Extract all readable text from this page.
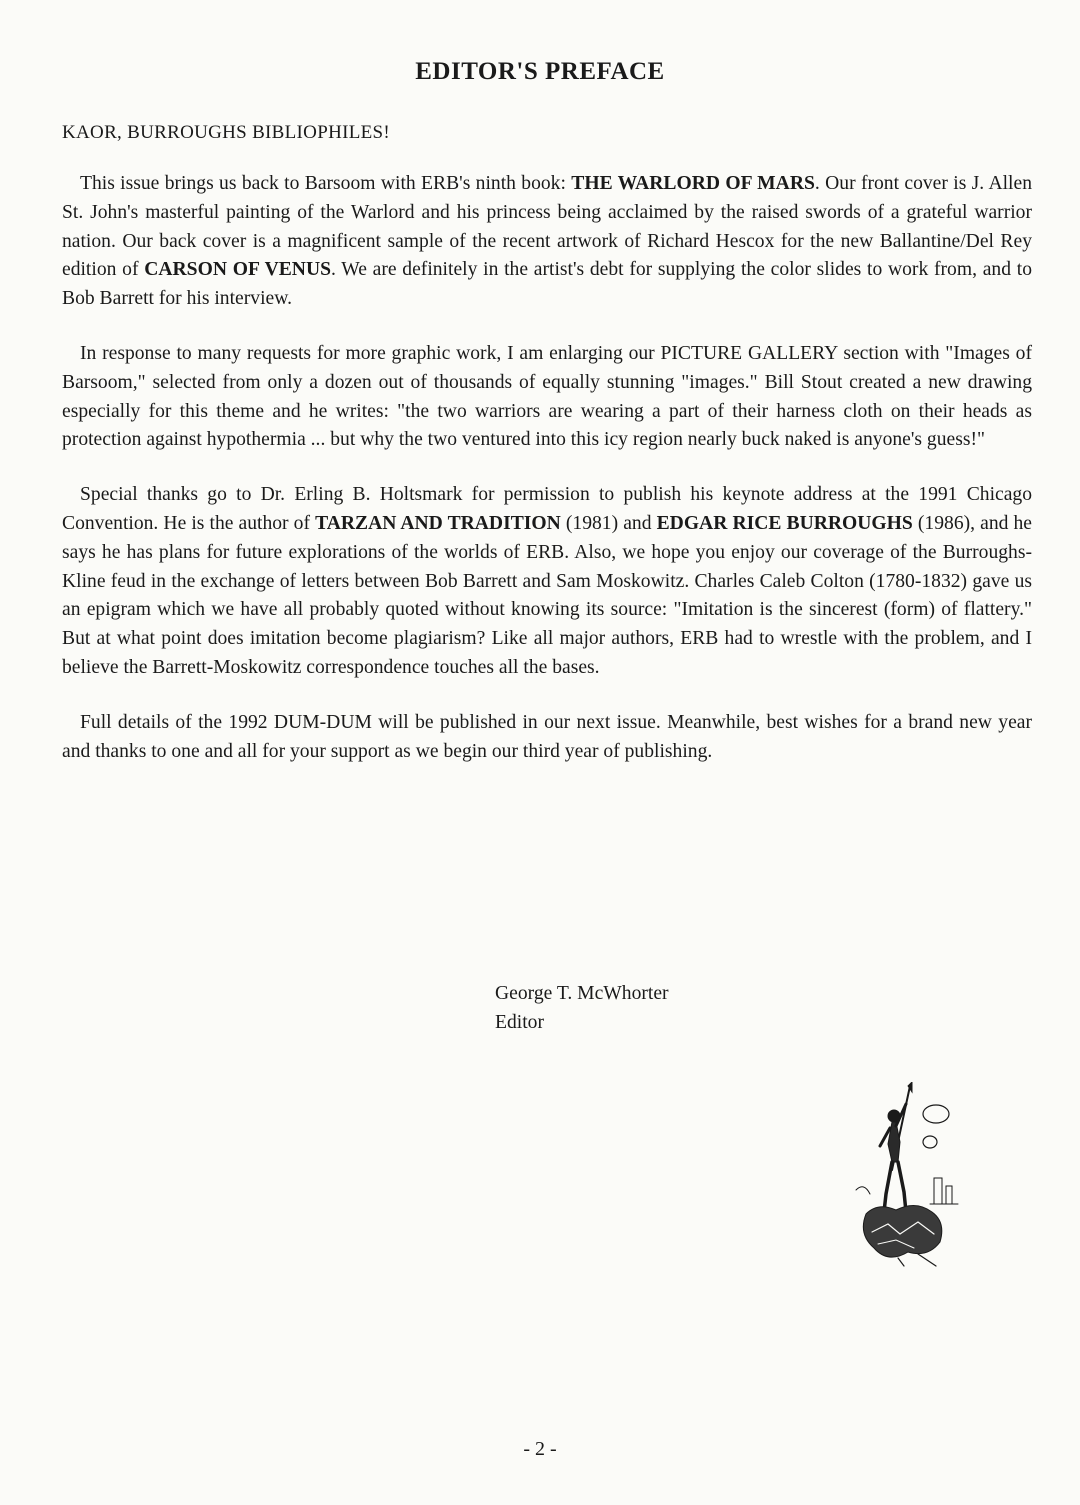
EDITOR'S PREFACE
KAOR, BURROUGHS BIBLIOPHILES!

This issue brings us back to Barsoom with ERB's ninth book: THE WARLORD OF MARS. Our front cover is J. Allen St. John's masterful painting of the Warlord and his princess being acclaimed by the raised swords of a grateful warrior nation. Our back cover is a magnificent sample of the recent artwork of Richard Hescox for the new Ballantine/Del Rey edition of CARSON OF VENUS. We are definitely in the artist's debt for supplying the color slides to work from, and to Bob Barrett for his interview.

In response to many requests for more graphic work, I am enlarging our PICTURE GALLERY section with "Images of Barsoom," selected from only a dozen out of thousands of equally stunning "images." Bill Stout created a new drawing especially for this theme and he writes: "the two warriors are wearing a part of their harness cloth on their heads as protection against hypothermia ... but why the two ventured into this icy region nearly buck naked is anyone's guess!"

Special thanks go to Dr. Erling B. Holtsmark for permission to publish his keynote address at the 1991 Chicago Convention. He is the author of TARZAN AND TRADITION (1981) and EDGAR RICE BURROUGHS (1986), and he says he has plans for future explorations of the worlds of ERB. Also, we hope you enjoy our coverage of the Burroughs-Kline feud in the exchange of letters between Bob Barrett and Sam Moskowitz. Charles Caleb Colton (1780-1832) gave us an epigram which we have all probably quoted without knowing its source: "Imitation is the sincerest (form) of flattery." But at what point does imitation become plagiarism? Like all major authors, ERB had to wrestle with the problem, and I believe the Barrett-Moskowitz correspondence touches all the bases.

Full details of the 1992 DUM-DUM will be published in our next issue. Meanwhile, best wishes for a brand new year and thanks to one and all for your support as we begin our third year of publishing.

George T. McWhorter
Editor
- 2 -
